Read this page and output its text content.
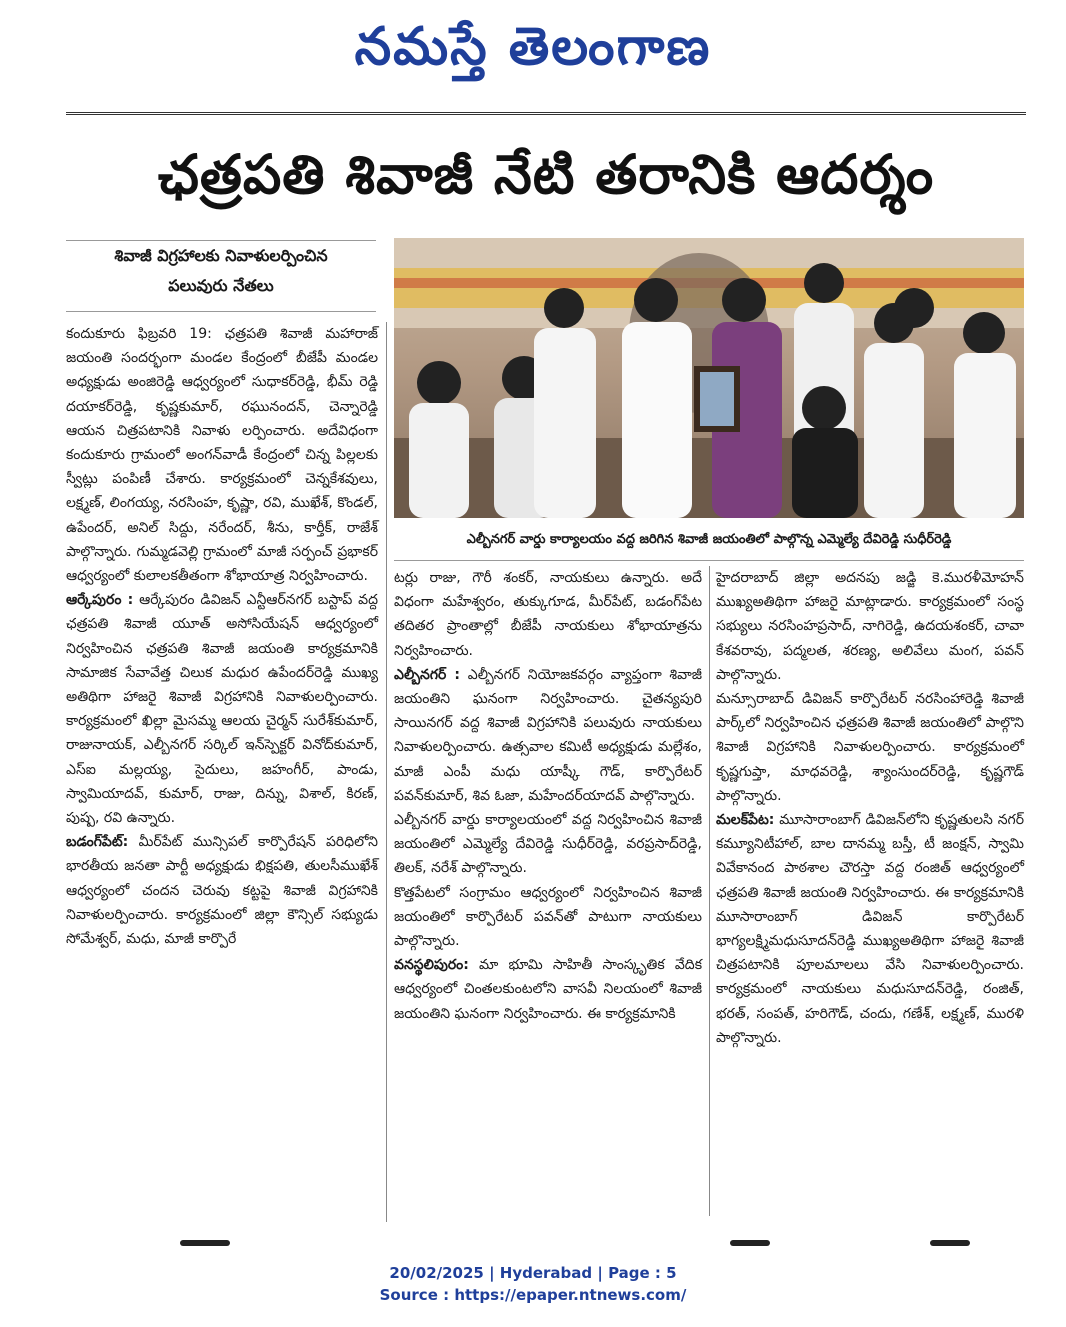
నమస్తే తెలంగాణ
ఛత్రపతి శివాజీ నేటి తరానికి ఆదర్శం
శివాజీ విగ్రహాలకు నివాళులర్పించిన
పలువురు నేతలు
ఎల్బీనగర్ వార్డు కార్యాలయం వద్ద జరిగిన శివాజీ జయంతిలో పాల్గొన్న ఎమ్మెల్యే దేవిరెడ్డి సుధీర్‌రెడ్డి

కందుకూరు ఫిబ్రవరి 19: ఛత్రపతి శివాజీ మహారాజ్ జయంతి సందర్భంగా మండల కేంద్రంలో బీజేపీ మండల అధ్యక్షుడు అంజిరెడ్డి ఆధ్వర్యంలో సుధాకర్‌రెడ్డి, భీమ్ రెడ్డి దయాకర్‌రెడ్డి, కృష్ణకుమార్, రఘునందన్, చెన్నారెడ్డి ఆయన చిత్రపటానికి నివాళు లర్పించారు. అదేవిధంగా కందుకూరు గ్రామంలో అంగన్‌వాడీ కేంద్రంలో చిన్న పిల్లలకు స్వీట్లు పంపిణీ చేశారు. కార్యక్రమంలో చెన్నకేశవులు, లక్ష్మణ్, లింగయ్య, నరసింహ, కృష్ణా, రవి, ముఖేశ్, కొండల్, ఉపేందర్, అనిల్ సిద్దు, నరేందర్, శీను, కార్తీక్, రాజేశ్ పాల్గొన్నారు. గుమ్మడవెల్లి గ్రామంలో మాజీ సర్పంచ్ ప్రభాకర్ ఆధ్వర్యంలో కులాలకతీతంగా శోభాయాత్ర నిర్వహించారు.

ఆర్కేపురం : ఆర్కేపురం డివిజన్ ఎన్టీఆర్‌నగర్ బస్టాప్ వద్ద ఛత్రపతి శివాజీ యూత్ అసోసియేషన్ ఆధ్వర్యంలో నిర్వహించిన ఛత్రపతి శివాజీ జయంతి కార్యక్రమానికి సామాజిక సేవావేత్త చిలుక మధుర ఉపేందర్‌రెడ్డి ముఖ్య అతిథిగా హాజరై శివాజీ విగ్రహానికి నివాళులర్పించారు. కార్యక్రమంలో ఖిల్లా మైసమ్మ ఆలయ చైర్మన్ సురేశ్‌కుమార్, రాజునాయక్, ఎల్బీనగర్ సర్కిల్ ఇన్‌స్పెక్టర్ వినోద్‌కుమార్, ఎస్ఐ మల్లయ్య, సైదులు, జహంగీర్, పాండు, స్వామియాదవ్, కుమార్, రాజు, దిన్ను, విశాల్, కిరణ్, పుష్ప, రవి ఉన్నారు.

బడంగ్‌పేట్: మీర్‌పేట్ మున్సిపల్ కార్పొరేషన్ పరిధిలోని భారతీయ జనతా పార్టీ అధ్యక్షుడు భిక్షపతి, తులసీముఖేశ్ ఆధ్వర్యంలో చందన చెరువు కట్టపై శివాజీ విగ్రహానికి నివాళులర్పించారు. కార్యక్రమంలో జిల్లా కౌన్సిల్ సభ్యుడు సోమేశ్వర్, మధు, మాజీ కార్పొరే

టర్లు రాజు, గౌరీ శంకర్, నాయకులు ఉన్నారు. అదే విధంగా మహేశ్వరం, తుక్కుగూడ, మీర్‌పేట్, బడంగ్‌పేట తదితర ప్రాంతాల్లో బీజేపీ నాయకులు శోభాయాత్రను నిర్వహించారు.

ఎల్బీనగర్ : ఎల్బీనగర్ నియోజకవర్గం వ్యాప్తంగా శివాజీ జయంతిని ఘనంగా నిర్వహించారు. చైతన్యపురి సాయినగర్ వద్ద శివాజీ విగ్రహానికి పలువురు నాయకులు నివాళులర్పించారు. ఉత్సవాల కమిటీ అధ్యక్షుడు మల్లేశం, మాజీ ఎంపీ మధు యాష్కీ గౌడ్, కార్పొరేటర్ పవన్‌కుమార్, శివ ఓజా, మహేందర్‌యాదవ్ పాల్గొన్నారు.

ఎల్బీనగర్ వార్డు కార్యాలయంలో వద్ద నిర్వహించిన శివాజీ జయంతిలో ఎమ్మెల్యే దేవిరెడ్డి సుధీర్‌రెడ్డి, వరప్రసాద్‌రెడ్డి, తిలక్, నరేశ్ పాల్గొన్నారు.

కొత్తపేటలో సంగ్రామం ఆధ్వర్యంలో నిర్వహించిన శివాజీ జయంతిలో కార్పొరేటర్ పవన్‌తో పాటుగా నాయకులు పాల్గొన్నారు.

వనస్థలిపురం: మా భూమి సాహితీ సాంస్కృతిక వేదిక ఆధ్వర్యంలో చింతలకుంటలోని వాసవీ నిలయంలో శివాజీ జయంతిని ఘనంగా నిర్వహించారు. ఈ కార్యక్రమానికి

హైదరాబాద్ జిల్లా అదనపు జడ్జి కె.మురళీమోహన్ ముఖ్యఅతిథిగా హాజరై మాట్లాడారు. కార్యక్రమంలో సంస్థ సభ్యులు నరసింహప్రసాద్, నాగిరెడ్డి, ఉదయశంకర్, చావా కేశవరావు, పద్మలత, శరణ్య, అలివేలు మంగ, పవన్ పాల్గొన్నారు.

మన్సూరాబాద్ డివిజన్ కార్పొరేటర్ నరసింహారెడ్డి శివాజీ పార్క్‌లో నిర్వహించిన ఛత్రపతి శివాజీ జయంతిలో పాల్గొని శివాజీ విగ్రహానికి నివాళులర్పించారు. కార్యక్రమంలో కృష్ణగుప్తా, మాధవరెడ్డి, శ్యాంసుందర్‌రెడ్డి, కృష్ణగౌడ్ పాల్గొన్నారు.

మలక్‌పేట: మూసారాంబాగ్ డివిజన్‌లోని కృష్ణతులసి నగర్ కమ్యూనిటీహాల్, బాల దానమ్మ బస్తీ, టీ జంక్షన్, స్వామి వివేకానంద పాఠశాల చౌరస్తా వద్ద రంజిత్ ఆధ్వర్యంలో ఛత్రపతి శివాజీ జయంతి నిర్వహించారు. ఈ కార్యక్రమానికి మూసారాంబాగ్ డివిజన్ కార్పొరేటర్ భాగ్యలక్ష్మిమధుసూదన్‌రెడ్డి ముఖ్యఅతిథిగా హాజరై శివాజీ చిత్రపటానికి పూలమాలలు వేసి నివాళులర్పించారు. కార్యక్రమంలో నాయకులు మధుసూదన్‌రెడ్డి, రంజిత్, భరత్, సంపత్, హరిగౌడ్, చందు, గణేశ్, లక్ష్మణ్, మురళి పాల్గొన్నారు.

20/02/2025 | Hyderabad | Page : 5
Source : https://epaper.ntnews.com/
